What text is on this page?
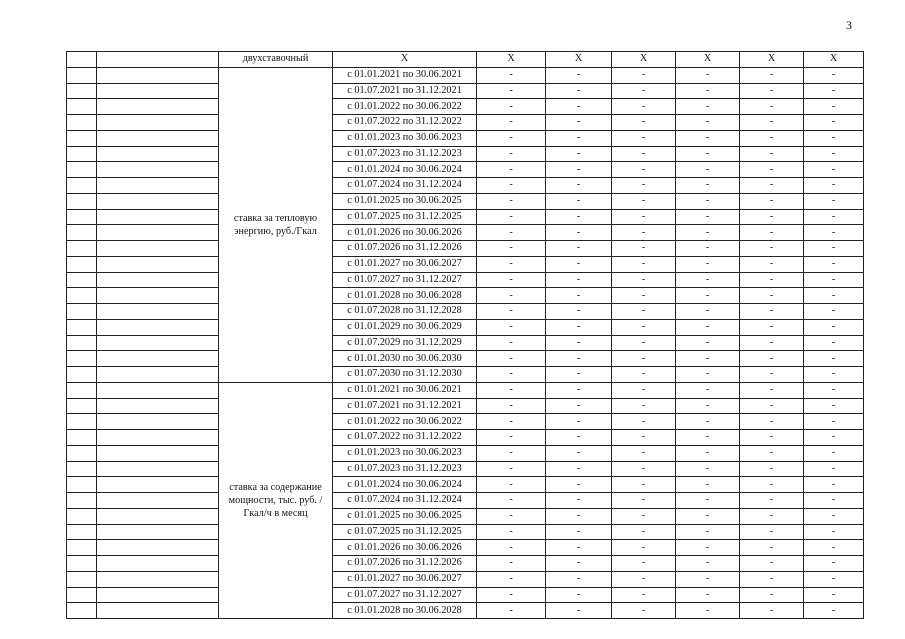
3
		двухставочный	Х	Х	Х	Х	Х	Х	Х
		ставка за тепловую энергию, руб./Гкал	с 01.01.2021 по 30.06.2021	-	-	-	-	-	-
			с 01.07.2021 по 31.12.2021	-	-	-	-	-	-
			с 01.01.2022 по 30.06.2022	-	-	-	-	-	-
			с 01.07.2022 по 31.12.2022	-	-	-	-	-	-
			с 01.01.2023 по 30.06.2023	-	-	-	-	-	-
			с 01.07.2023 по 31.12.2023	-	-	-	-	-	-
			с 01.01.2024 по 30.06.2024	-	-	-	-	-	-
			с 01.07.2024 по 31.12.2024	-	-	-	-	-	-
			с 01.01.2025 по 30.06.2025	-	-	-	-	-	-
			с 01.07.2025 по 31.12.2025	-	-	-	-	-	-
			с 01.01.2026 по 30.06.2026	-	-	-	-	-	-
			с 01.07.2026 по 31.12.2026	-	-	-	-	-	-
			с 01.01.2027 по 30.06.2027	-	-	-	-	-	-
			с 01.07.2027 по 31.12.2027	-	-	-	-	-	-
			с 01.01.2028 по 30.06.2028	-	-	-	-	-	-
			с 01.07.2028 по 31.12.2028	-	-	-	-	-	-
			с 01.01.2029 по 30.06.2029	-	-	-	-	-	-
			с 01.07.2029 по 31.12.2029	-	-	-	-	-	-
			с 01.01.2030 по 30.06.2030	-	-	-	-	-	-
			с 01.07.2030 по 31.12.2030	-	-	-	-	-	-
		ставка за содержание мощности, тыс. руб. /Гкал/ч в месяц	с 01.01.2021 по 30.06.2021	-	-	-	-	-	-
			с 01.07.2021 по 31.12.2021	-	-	-	-	-	-
			с 01.01.2022 по 30.06.2022	-	-	-	-	-	-
			с 01.07.2022 по 31.12.2022	-	-	-	-	-	-
			с 01.01.2023 по 30.06.2023	-	-	-	-	-	-
			с 01.07.2023 по 31.12.2023	-	-	-	-	-	-
			с 01.01.2024 по 30.06.2024	-	-	-	-	-	-
			с 01.07.2024 по 31.12.2024	-	-	-	-	-	-
			с 01.01.2025 по 30.06.2025	-	-	-	-	-	-
			с 01.07.2025 по 31.12.2025	-	-	-	-	-	-
			с 01.01.2026 по 30.06.2026	-	-	-	-	-	-
			с 01.07.2026 по 31.12.2026	-	-	-	-	-	-
			с 01.01.2027 по 30.06.2027	-	-	-	-	-	-
			с 01.07.2027 по 31.12.2027	-	-	-	-	-	-
			с 01.01.2028 по 30.06.2028	-	-	-	-	-	-
